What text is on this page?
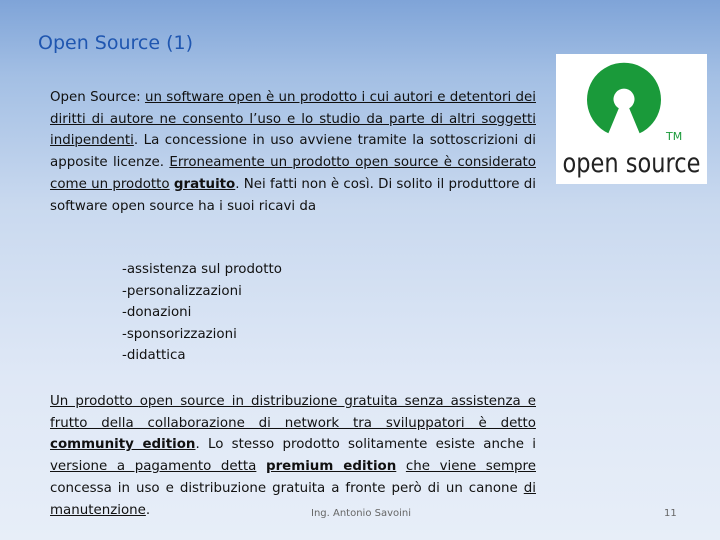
Open Source (1)
Open Source: un software open è un prodotto i cui autori e detentori dei diritti di autore ne consento l’uso e lo studio da parte di altri soggetti indipendenti. La concessione in uso avviene tramite la sottoscrizioni di apposite licenze. Erroneamente un prodotto open source è considerato come un prodotto gratuito. Nei fatti non è così. Di solito il produttore di software open source ha i suoi ricavi da
-assistenza sul prodotto
-personalizzazioni
-donazioni
-sponsorizzazioni
-didattica
Un prodotto open source in distribuzione gratuita senza assistenza e frutto della collaborazione di network tra sviluppatori è detto community edition. Lo stesso prodotto solitamente esiste anche i versione a pagamento detta premium edition che viene sempre concessa in uso e distribuzione gratuita a fronte però di un canone di manutenzione.
TM
open source
Ing. Antonio Savoini	11
